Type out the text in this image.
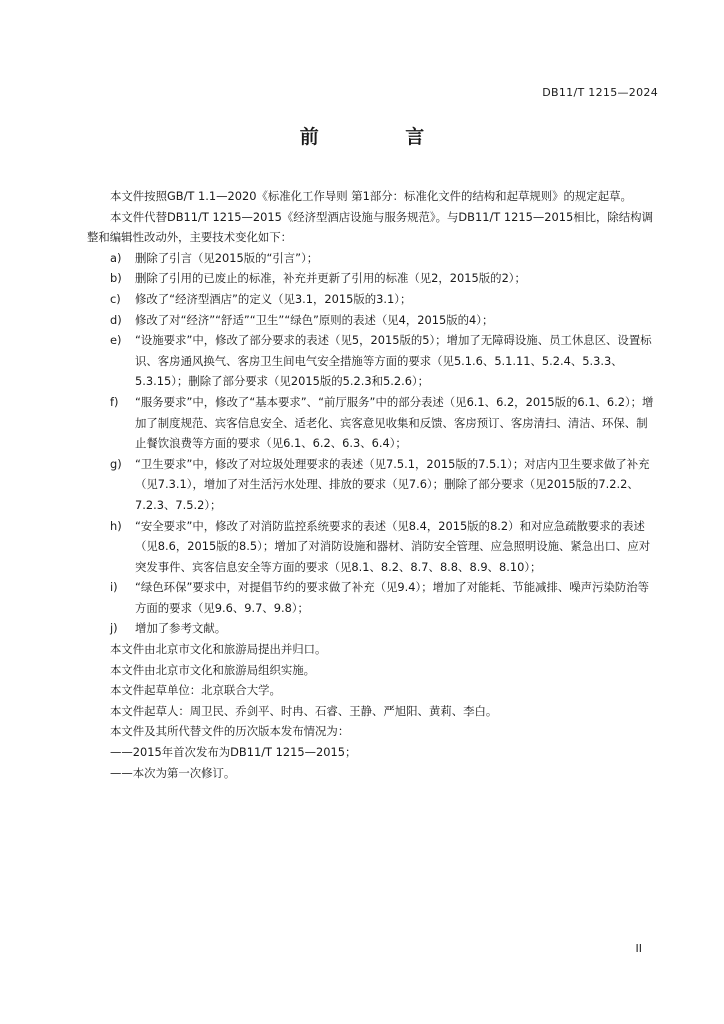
DB11/T 1215—2024
前 言

本文件按照GB/T 1.1—2020《标准化工作导则 第1部分：标准化文件的结构和起草规则》的规定起草。

本文件代替DB11/T 1215—2015《经济型酒店设施与服务规范》。与DB11/T 1215—2015相比，除结构调整和编辑性改动外，主要技术变化如下：

a)	删除了引言（见2015版的“引言”）；
b)	删除了引用的已废止的标准，补充并更新了引用的标准（见2，2015版的2）；
c)	修改了“经济型酒店”的定义（见3.1，2015版的3.1）；
d)	修改了对“经济”“舒适”“卫生”“绿色”原则的表述（见4，2015版的4）；
e)	“设施要求”中，修改了部分要求的表述（见5，2015版的5）；增加了无障碍设施、员工休息区、设置标识、客房通风换气、客房卫生间电气安全措施等方面的要求（见5.1.6、5.1.11、5.2.4、5.3.3、5.3.15）；删除了部分要求（见2015版的5.2.3和5.2.6）；
f)	“服务要求”中，修改了“基本要求”、“前厅服务”中的部分表述（见6.1、6.2，2015版的6.1、6.2）；增加了制度规范、宾客信息安全、适老化、宾客意见收集和反馈、客房预订、客房清扫、清洁、环保、制止餐饮浪费等方面的要求（见6.1、6.2、6.3、6.4）；
g)	“卫生要求”中，修改了对垃圾处理要求的表述（见7.5.1，2015版的7.5.1）；对店内卫生要求做了补充（见7.3.1），增加了对生活污水处理、排放的要求（见7.6）；删除了部分要求（见2015版的7.2.2、7.2.3、7.5.2）；
h)	“安全要求”中，修改了对消防监控系统要求的表述（见8.4，2015版的8.2）和对应急疏散要求的表述（见8.6，2015版的8.5）；增加了对消防设施和器材、消防安全管理、应急照明设施、紧急出口、应对突发事件、宾客信息安全等方面的要求（见8.1、8.2、8.7、8.8、8.9、8.10）；
i)	“绿色环保”要求中，对提倡节约的要求做了补充（见9.4）；增加了对能耗、节能减排、噪声污染防治等方面的要求（见9.6、9.7、9.8）；
j)	增加了参考文献。

本文件由北京市文化和旅游局提出并归口。

本文件由北京市文化和旅游局组织实施。

本文件起草单位：北京联合大学。

本文件起草人：周卫民、乔剑平、时冉、石睿、王静、严旭阳、黄莉、李白。

本文件及其所代替文件的历次版本发布情况为：

——2015年首次发布为DB11/T 1215—2015；

——本次为第一次修订。

II
